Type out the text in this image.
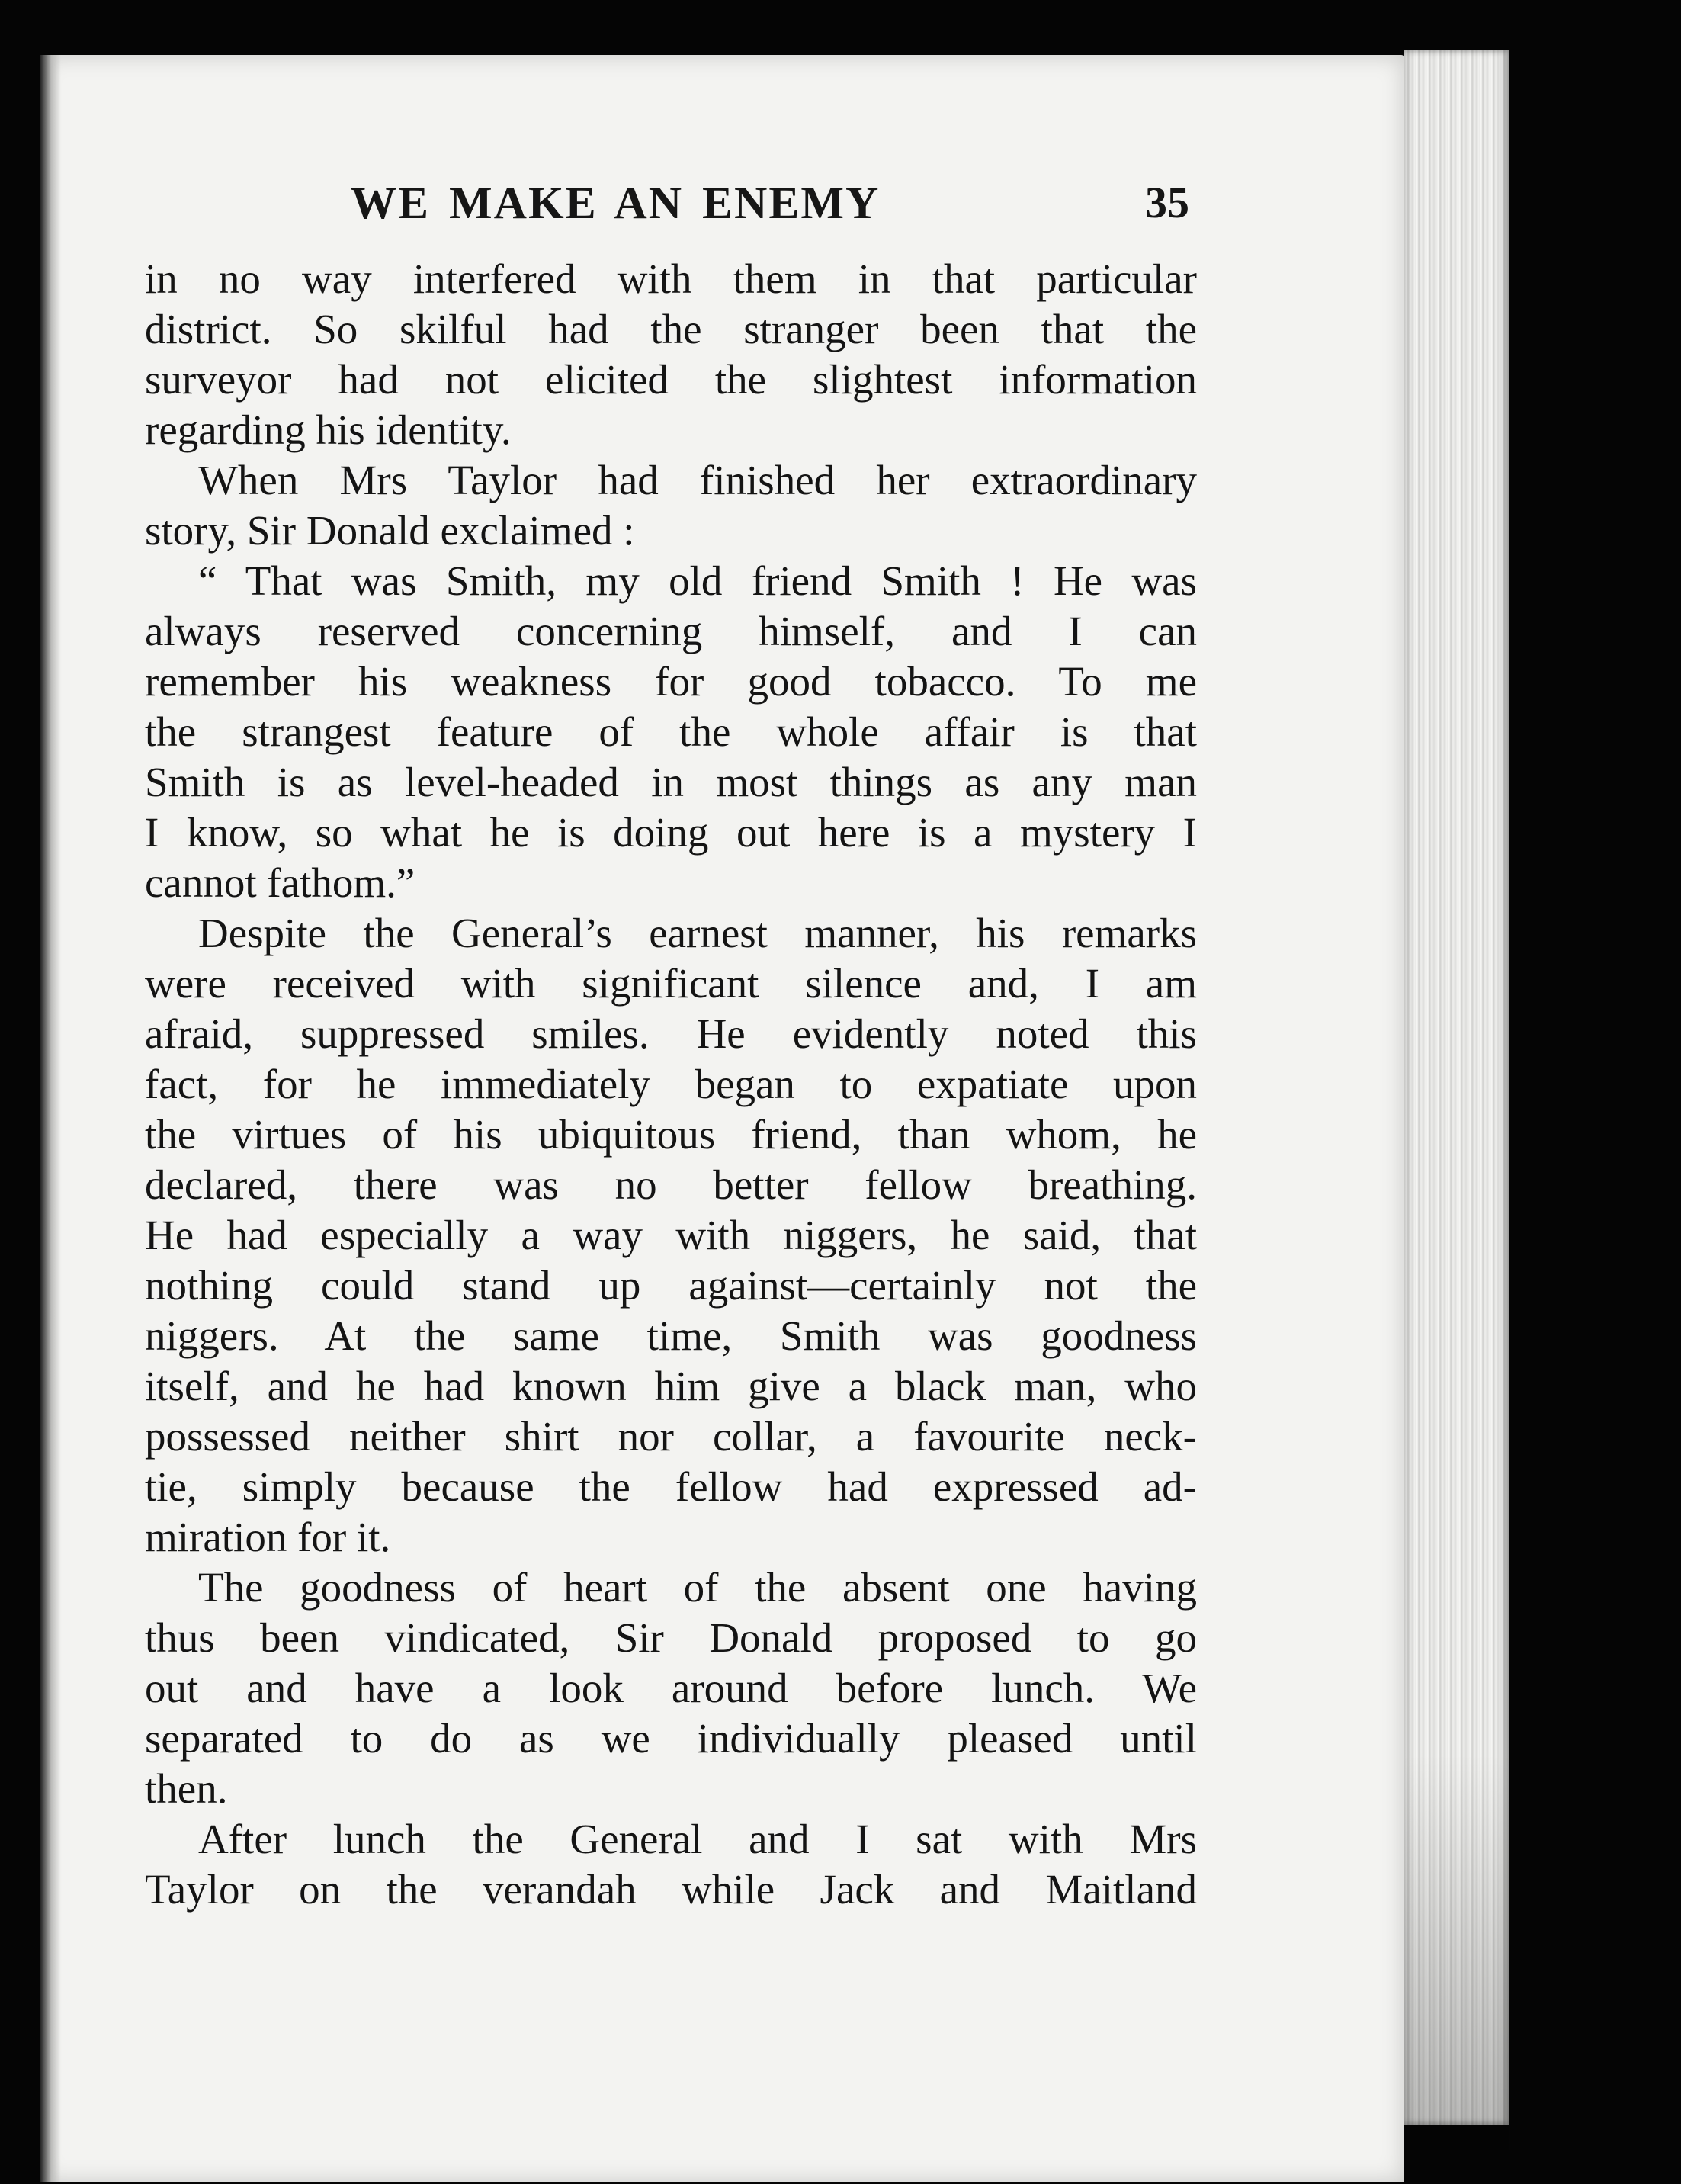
WE MAKE AN ENEMY	35
in no way interfered with them in that particular
district. So skilful had the stranger been that the
surveyor had not elicited the slightest information
regarding his identity.
When Mrs Taylor had finished her extraordinary
story, Sir Donald exclaimed :
“ That was Smith, my old friend Smith ! He was
always reserved concerning himself, and I can
remember his weakness for good tobacco. To me
the strangest feature of the whole affair is that
Smith is as level-headed in most things as any man
I know, so what he is doing out here is a mystery I
cannot fathom.”
Despite the General’s earnest manner, his remarks
were received with significant silence and, I am
afraid, suppressed smiles. He evidently noted this
fact, for he immediately began to expatiate upon
the virtues of his ubiquitous friend, than whom, he
declared, there was no better fellow breathing.
He had especially a way with niggers, he said, that
nothing could stand up against—certainly not the
niggers. At the same time, Smith was goodness
itself, and he had known him give a black man, who
possessed neither shirt nor collar, a favourite neck-
tie, simply because the fellow had expressed ad-
miration for it.
The goodness of heart of the absent one having
thus been vindicated, Sir Donald proposed to go
out and have a look around before lunch. We
separated to do as we individually pleased until
then.
After lunch the General and I sat with Mrs
Taylor on the verandah while Jack and Maitland
